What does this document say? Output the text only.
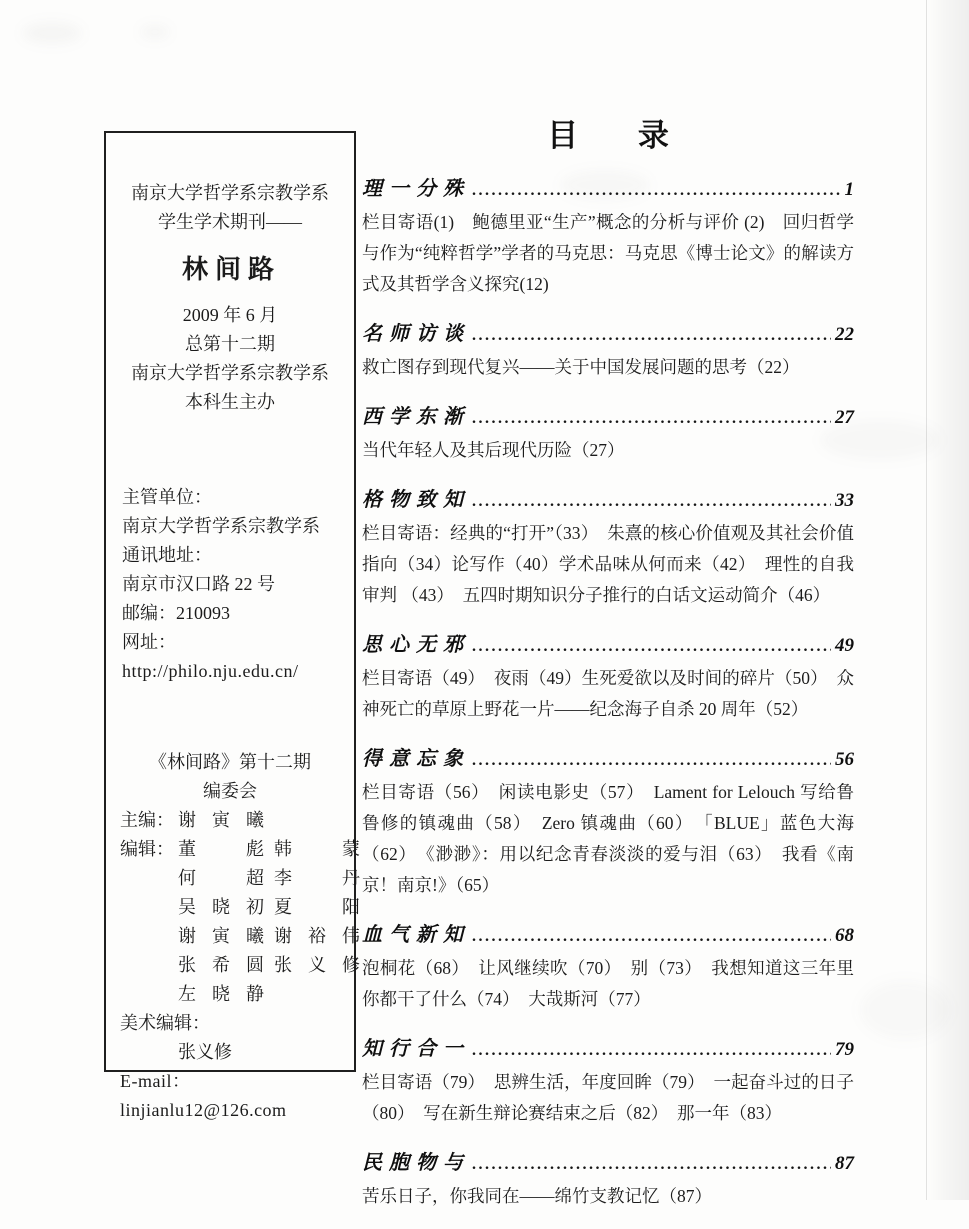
南京大学哲学系宗教学系
学生学术期刊——
林间路
2009 年 6 月
总第十二期
南京大学哲学系宗教学系
本科生主办
主管单位：
南京大学哲学系宗教学系
通讯地址：
南京市汉口路 22 号
邮编：210093
网址：
http://philo.nju.edu.cn/
《林间路》第十二期
编委会
主编： 谢寅曦
编辑： 董彪 韩蒙
何超 李丹
吴晓初 夏阳
谢寅曦 谢裕伟
张希圆 张义修
左晓静
美术编辑：
张义修
E-mail：
linjianlu12@126.com
目 录
理一分殊 .....	1

栏目寄语(1)　鲍德里亚“生产”概念的分析与评价 (2)　回归哲学与作为“纯粹哲学”学者的马克思：马克思《博士论文》的解读方式及其哲学含义探究(12)

名师访谈 .....	22

救亡图存到现代复兴——关于中国发展问题的思考（22）

西学东渐 .....	27

当代年轻人及其后现代历险（27）

格物致知 .....	33

栏目寄语：经典的“打开”（33）　朱熹的核心价值观及其社会价值指向（34）论写作（40）学术品味从何而来（42）　理性的自我审判 （43）　五四时期知识分子推行的白话文运动简介（46）

思心无邪 .....	49

栏目寄语（49）　夜雨（49）生死爱欲以及时间的碎片（50）　众神死亡的草原上野花一片——纪念海子自杀 20 周年（52）

得意忘象 .....	56

栏目寄语（56）　闲读电影史（57）　Lament for Lelouch 写给鲁鲁修的镇魂曲（58）　Zero 镇魂曲（60）　「BLUE」蓝色大海（62）　《渺渺》：用以纪念青春淡淡的爱与泪（63）　我看《南京！南京!》（65）

血气新知 .....	68

泡桐花（68）　让风继续吹（70）　别（73）　我想知道这三年里你都干了什么（74）　大哉斯河（77）

知行合一 .....	79

栏目寄语（79）　思辨生活，年度回眸（79）　一起奋斗过的日子（80）　写在新生辩论赛结束之后（82）　那一年（83）

民胞物与 .....	87

苦乐日子，你我同在——绵竹支教记忆（87）
